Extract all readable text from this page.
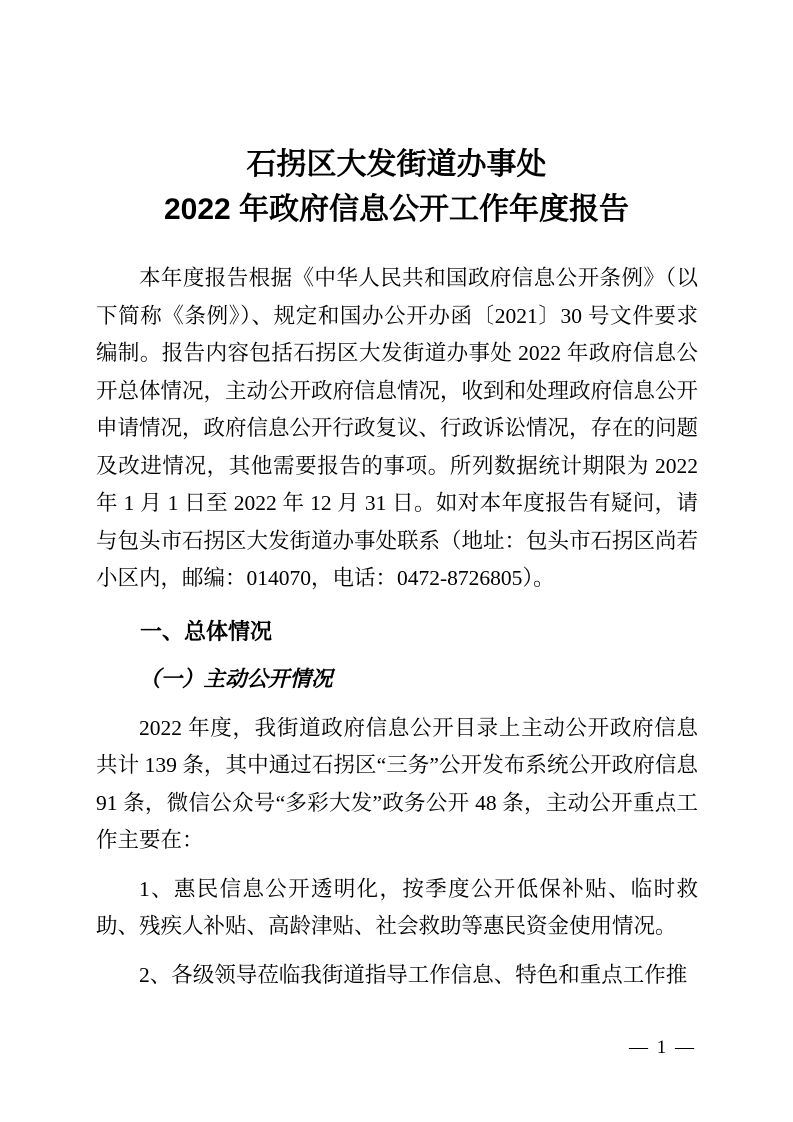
石拐区大发街道办事处
2022 年政府信息公开工作年度报告

本年度报告根据《中华人民共和国政府信息公开条例》（以下简称《条例》）、规定和国办公开办函〔2021〕30 号文件要求编制。报告内容包括石拐区大发街道办事处 2022 年政府信息公开总体情况，主动公开政府信息情况，收到和处理政府信息公开申请情况，政府信息公开行政复议、行政诉讼情况，存在的问题及改进情况，其他需要报告的事项。所列数据统计期限为 2022 年 1 月 1 日至 2022 年 12 月 31 日。如对本年度报告有疑问，请与包头市石拐区大发街道办事处联系（地址：包头市石拐区尚若小区内，邮编：014070，电话：0472-8726805）。

一、总体情况

（一）主动公开情况

2022 年度，我街道政府信息公开目录上主动公开政府信息共计 139 条，其中通过石拐区“三务”公开发布系统公开政府信息 91 条，微信公众号“多彩大发”政务公开 48 条，主动公开重点工作主要在：

1、惠民信息公开透明化，按季度公开低保补贴、临时救助、残疾人补贴、高龄津贴、社会救助等惠民资金使用情况。

2、各级领导莅临我街道指导工作信息、特色和重点工作推

— 1 —
